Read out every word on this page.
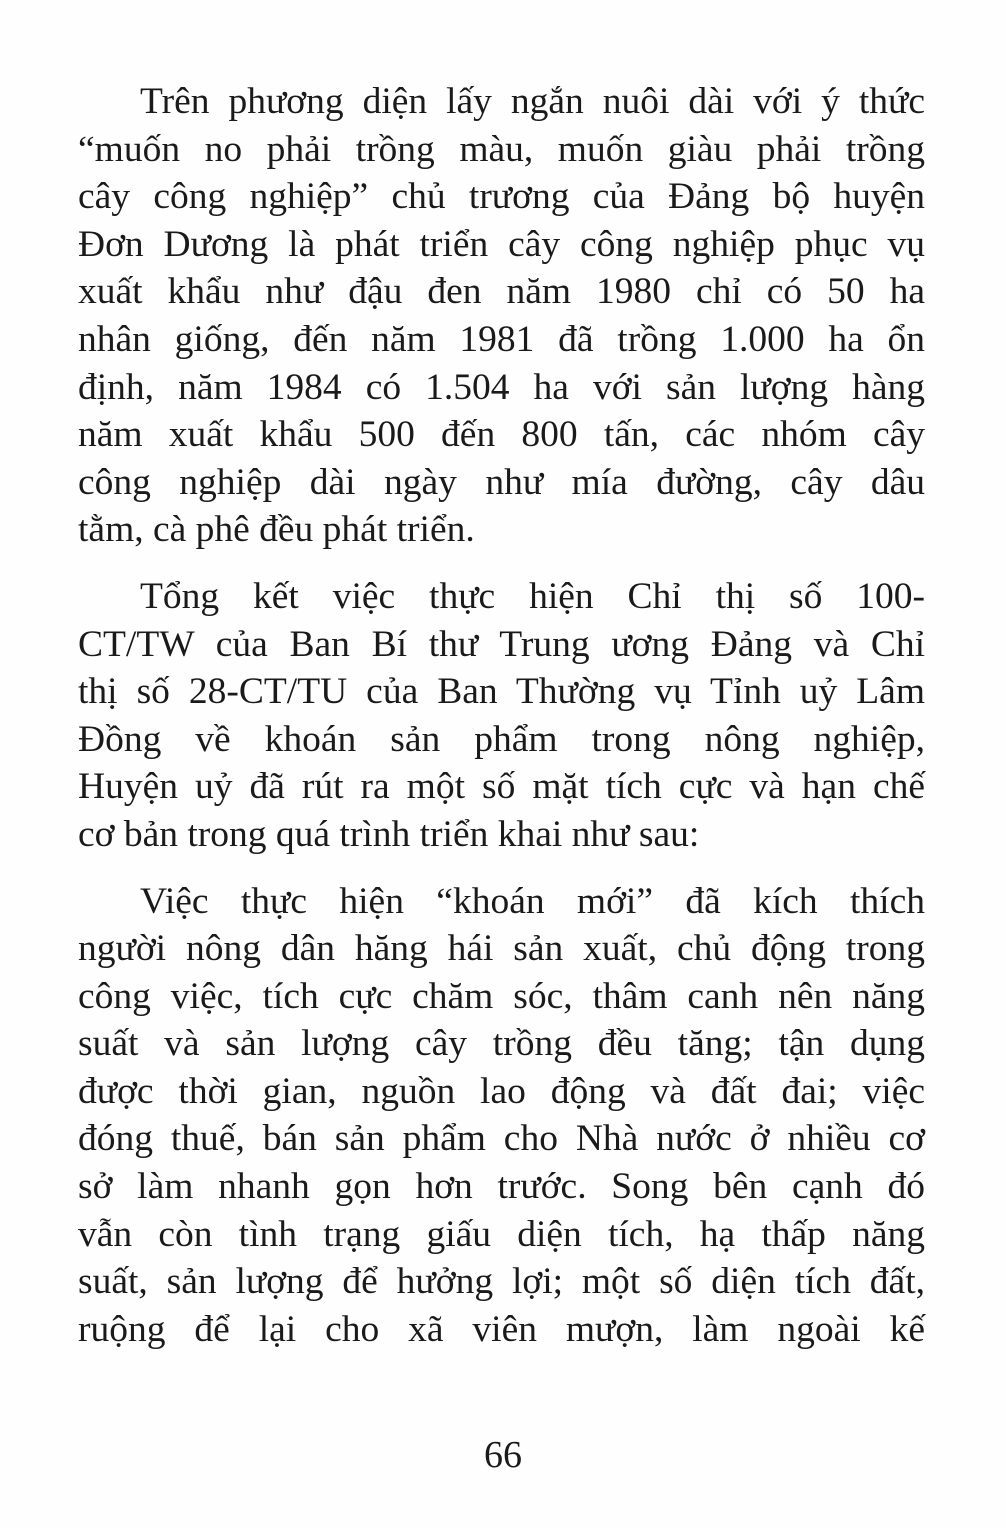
Trên phương diện lấy ngắn nuôi dài với ý thức
“muốn no phải trồng màu, muốn giàu phải trồng
cây công nghiệp” chủ trương của Đảng bộ huyện
Đơn Dương là phát triển cây công nghiệp phục vụ
xuất khẩu như đậu đen năm 1980 chỉ có 50 ha
nhân giống, đến năm 1981 đã trồng 1.000 ha ổn
định, năm 1984 có 1.504 ha với sản lượng hàng
năm xuất khẩu 500 đến 800 tấn, các nhóm cây
công nghiệp dài ngày như mía đường, cây dâu
tằm, cà phê đều phát triển.
Tổng kết việc thực hiện Chỉ thị số 100-
CT/TW của Ban Bí thư Trung ương Đảng và Chỉ
thị số 28-CT/TU của Ban Thường vụ Tỉnh uỷ Lâm
Đồng về khoán sản phẩm trong nông nghiệp,
Huyện uỷ đã rút ra một số mặt tích cực và hạn chế
cơ bản trong quá trình triển khai như sau:
Việc thực hiện “khoán mới” đã kích thích
người nông dân hăng hái sản xuất, chủ động trong
công việc, tích cực chăm sóc, thâm canh nên năng
suất và sản lượng cây trồng đều tăng; tận dụng
được thời gian, nguồn lao động và đất đai; việc
đóng thuế, bán sản phẩm cho Nhà nước ở nhiều cơ
sở làm nhanh gọn hơn trước. Song bên cạnh đó
vẫn còn tình trạng giấu diện tích, hạ thấp năng
suất, sản lượng để hưởng lợi; một số diện tích đất,
ruộng để lại cho xã viên mượn, làm ngoài kế
66
